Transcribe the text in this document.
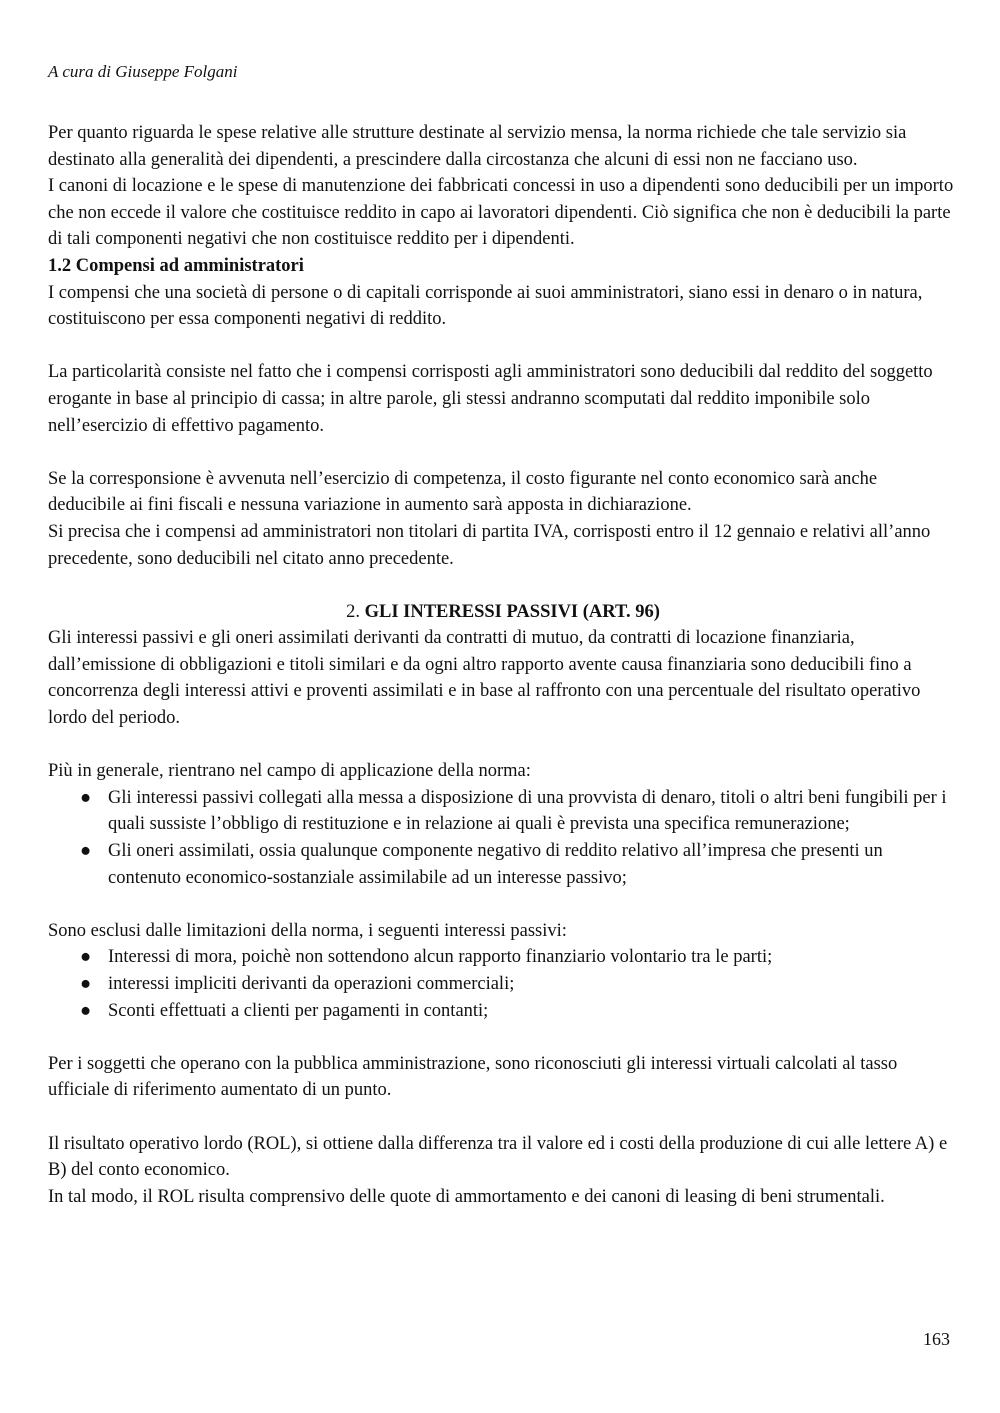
A cura di Giuseppe Folgani

Per quanto riguarda le spese relative alle strutture destinate al servizio mensa, la norma richiede che tale servizio sia destinato alla generalità dei dipendenti, a prescindere dalla circostanza che alcuni di essi non ne facciano uso.

I canoni di locazione e le spese di manutenzione dei fabbricati concessi in uso a dipendenti sono deducibili per un importo che non eccede il valore che costituisce reddito in capo ai lavoratori dipendenti. Ciò significa che non è deducibili la parte di tali componenti negativi che non costituisce reddito per i dipendenti.

1.2 Compensi ad amministratori

I compensi che una società di persone o di capitali corrisponde ai suoi amministratori, siano essi in denaro o in natura, costituiscono per essa componenti negativi di reddito.

La particolarità consiste nel fatto che i compensi corrisposti agli amministratori sono deducibili dal reddito del soggetto erogante in base al principio di cassa; in altre parole, gli stessi andranno scomputati dal reddito imponibile solo nell’esercizio di effettivo pagamento.

Se la corresponsione è avvenuta nell’esercizio di competenza, il costo figurante nel conto economico sarà anche deducibile ai fini fiscali e nessuna variazione in aumento sarà apposta in dichiarazione.

Si precisa che i compensi ad amministratori non titolari di partita IVA, corrisposti entro il 12 gennaio e relativi all’anno precedente, sono deducibili nel citato anno precedente.

2. GLI INTERESSI PASSIVI (ART. 96)

Gli interessi passivi e gli oneri assimilati derivanti da contratti di mutuo, da contratti di locazione finanziaria, dall’emissione di obbligazioni e titoli similari e da ogni altro rapporto avente causa finanziaria sono deducibili fino a concorrenza degli interessi attivi e proventi assimilati e in base al raffronto con una percentuale del risultato operativo lordo del periodo.

Più in generale, rientrano nel campo di applicazione della norma:

● Gli interessi passivi collegati alla messa a disposizione di una provvista di denaro, titoli o altri beni fungibili per i quali sussiste l’obbligo di restituzione e in relazione ai quali è prevista una specifica remunerazione;
● Gli oneri assimilati, ossia qualunque componente negativo di reddito relativo all’impresa che presenti un contenuto economico-sostanziale assimilabile ad un interesse passivo;

Sono esclusi dalle limitazioni della norma, i seguenti interessi passivi:

● Interessi di mora, poichè non sottendono alcun rapporto finanziario volontario tra le parti;
● interessi impliciti derivanti da operazioni commerciali;
● Sconti effettuati a clienti per pagamenti in contanti;

Per i soggetti che operano con la pubblica amministrazione, sono riconosciuti gli interessi virtuali calcolati al tasso ufficiale di riferimento aumentato di un punto.

Il risultato operativo lordo (ROL), si ottiene dalla differenza tra il valore ed i costi della produzione di cui alle lettere A) e B) del conto economico.

In tal modo, il ROL risulta comprensivo delle quote di ammortamento e dei canoni di leasing di beni strumentali.

163
